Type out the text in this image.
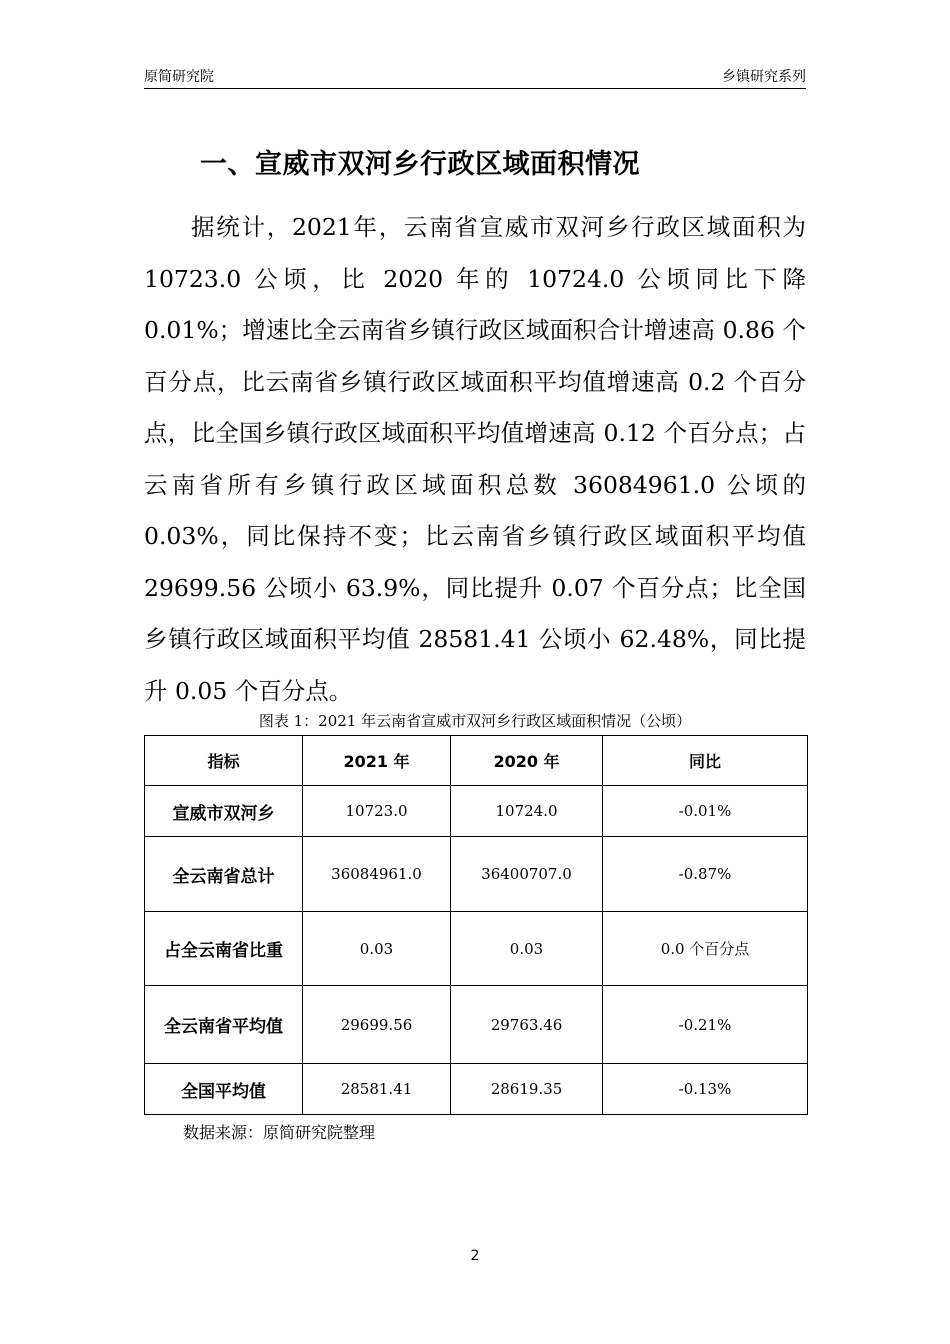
原简研究院	乡镇研究系列
一、宣威市双河乡行政区域面积情况
据统计，2021年，云南省宣威市双河乡行政区域面积为 10723.0 公顷，比 2020 年的 10724.0 公顷同比下降 0.01%；增速比全云南省乡镇行政区域面积合计增速高 0.86 个百分点，比云南省乡镇行政区域面积平均值增速高 0.2 个百分点，比全国乡镇行政区域面积平均值增速高 0.12 个百分点；占云南省所有乡镇行政区域面积总数 36084961.0 公顷的 0.03%，同比保持不变；比云南省乡镇行政区域面积平均值 29699.56 公顷小 63.9%，同比提升 0.07 个百分点；比全国乡镇行政区域面积平均值 28581.41 公顷小 62.48%，同比提升 0.05 个百分点。
图表 1：2021 年云南省宣威市双河乡行政区域面积情况（公顷）
指标	2021 年	2020 年	同比
宣威市双河乡	10723.0	10724.0	-0.01%
全云南省总计	36084961.0	36400707.0	-0.87%
占全云南省比重	0.03	0.03	0.0 个百分点
全云南省平均值	29699.56	29763.46	-0.21%
全国平均值	28581.41	28619.35	-0.13%
数据来源：原简研究院整理
2
